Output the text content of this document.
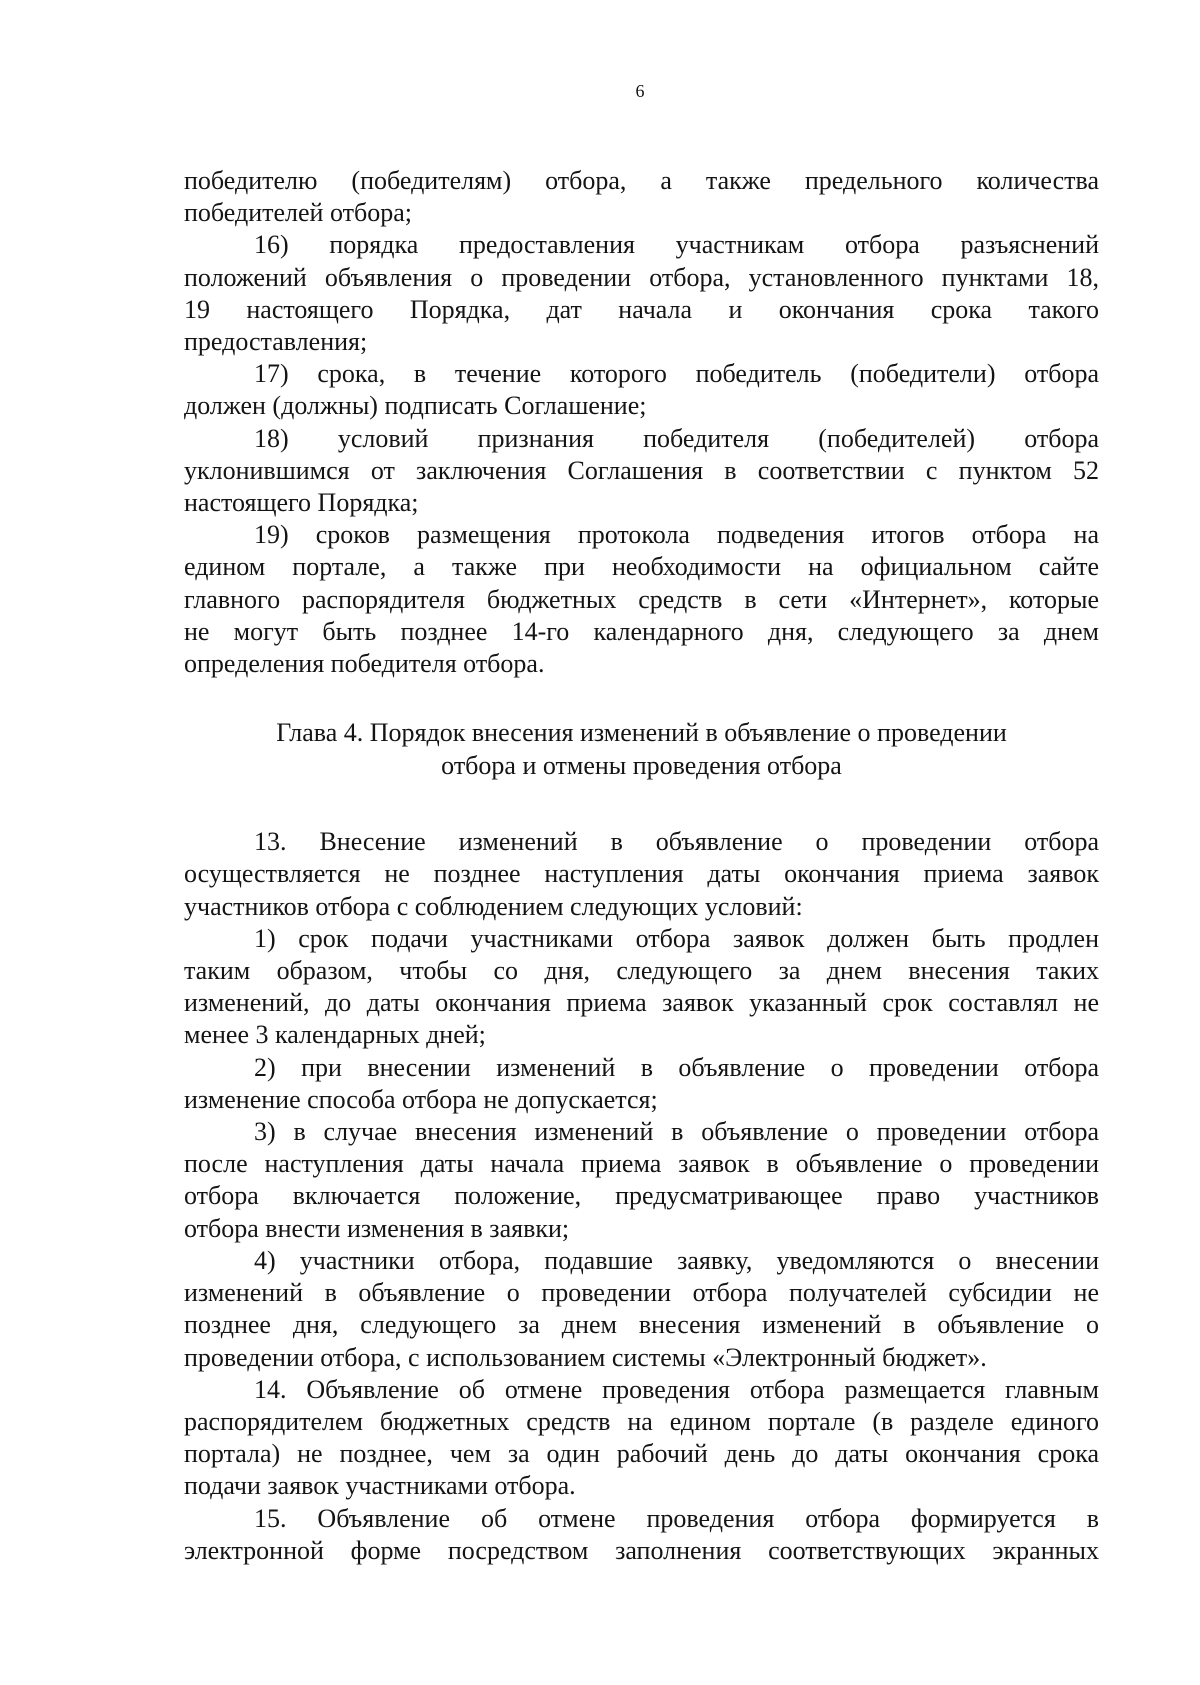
6

победителю (победителям) отбора, а также предельного количества

победителей отбора;

16) порядка предоставления участникам отбора разъяснений

положений объявления о проведении отбора, установленного пунктами 18,

19 настоящего Порядка, дат начала и окончания срока такого

предоставления;

17) срока, в течение которого победитель (победители) отбора

должен (должны) подписать Соглашение;

18) условий признания победителя (победителей) отбора

уклонившимся от заключения Соглашения в соответствии с пунктом 52

настоящего Порядка;

19) сроков размещения протокола подведения итогов отбора на

едином портале, а также при необходимости на официальном сайте

главного распорядителя бюджетных средств в сети «Интернет», которые

не могут быть позднее 14-го календарного дня, следующего за днем

определения победителя отбора.

Глава 4. Порядок внесения изменений в объявление о проведении
отбора и отмены проведения отбора

13. Внесение изменений в объявление о проведении отбора

осуществляется не позднее наступления даты окончания приема заявок

участников отбора с соблюдением следующих условий:

1) срок подачи участниками отбора заявок должен быть продлен

таким образом, чтобы со дня, следующего за днем внесения таких

изменений, до даты окончания приема заявок указанный срок составлял не

менее 3 календарных дней;

2) при внесении изменений в объявление о проведении отбора

изменение способа отбора не допускается;

3) в случае внесения изменений в объявление о проведении отбора

после наступления даты начала приема заявок в объявление о проведении

отбора включается положение, предусматривающее право участников

отбора внести изменения в заявки;

4) участники отбора, подавшие заявку, уведомляются о внесении

изменений в объявление о проведении отбора получателей субсидии не

позднее дня, следующего за днем внесения изменений в объявление о

проведении отбора, с использованием системы «Электронный бюджет».

14. Объявление об отмене проведения отбора размещается главным

распорядителем бюджетных средств на едином портале (в разделе единого

портала) не позднее, чем за один рабочий день до даты окончания срока

подачи заявок участниками отбора.

15. Объявление об отмене проведения отбора формируется в

электронной форме посредством заполнения соответствующих экранных
